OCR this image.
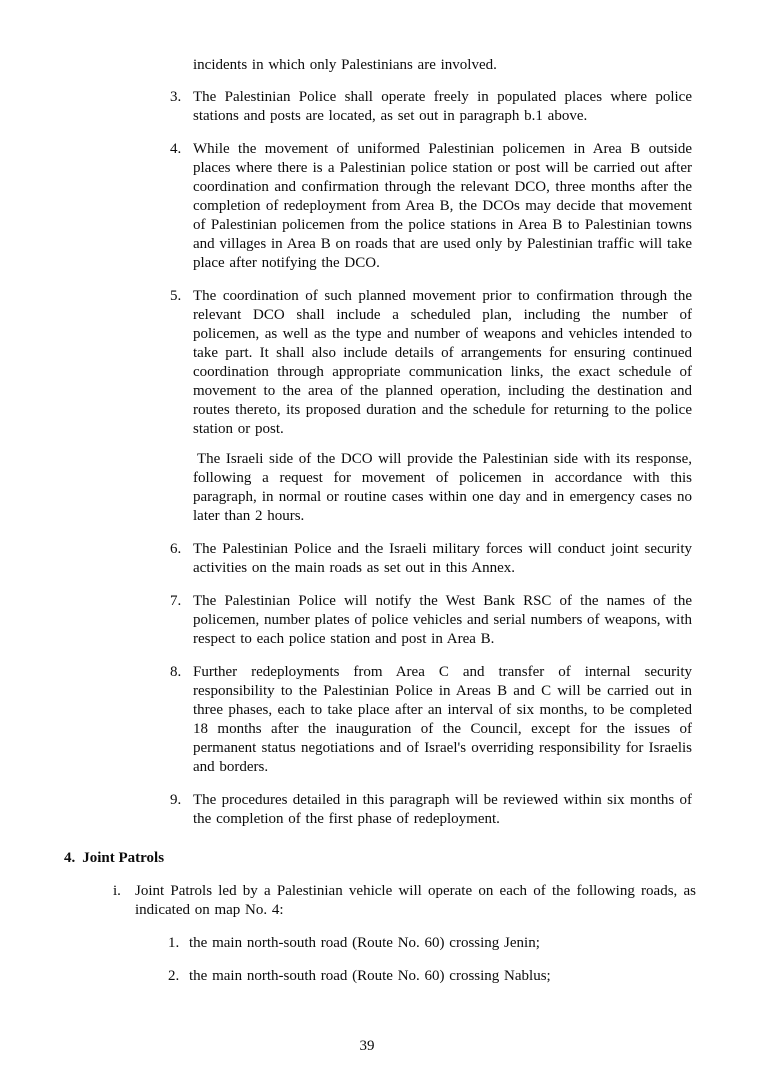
incidents in which only Palestinians are involved.

3. The Palestinian Police shall operate freely in populated places where police stations and posts are located, as set out in paragraph b.1 above.

4. While the movement of uniformed Palestinian policemen in Area B outside places where there is a Palestinian police station or post will be carried out after coordination and confirmation through the relevant DCO, three months after the completion of redeployment from Area B, the DCOs may decide that movement of Palestinian policemen from the police stations in Area B to Palestinian towns and villages in Area B on roads that are used only by Palestinian traffic will take place after notifying the DCO.

5. The coordination of such planned movement prior to confirmation through the relevant DCO shall include a scheduled plan, including the number of policemen, as well as the type and number of weapons and vehicles intended to take part. It shall also include details of arrangements for ensuring continued coordination through appropriate communication links, the exact schedule of movement to the area of the planned operation, including the destination and routes thereto, its proposed duration and the schedule for returning to the police station or post.

The Israeli side of the DCO will provide the Palestinian side with its response, following a request for movement of policemen in accordance with this paragraph, in normal or routine cases within one day and in emergency cases no later than 2 hours.

6. The Palestinian Police and the Israeli military forces will conduct joint security activities on the main roads as set out in this Annex.

7. The Palestinian Police will notify the West Bank RSC of the names of the policemen, number plates of police vehicles and serial numbers of weapons, with respect to each police station and post in Area B.

8. Further redeployments from Area C and transfer of internal security responsibility to the Palestinian Police in Areas B and C will be carried out in three phases, each to take place after an interval of six months, to be completed 18 months after the inauguration of the Council, except for the issues of permanent status negotiations and of Israel's overriding responsibility for Israelis and borders.

9. The procedures detailed in this paragraph will be reviewed within six months of the completion of the first phase of redeployment.

4. Joint Patrols
i. Joint Patrols led by a Palestinian vehicle will operate on each of the following roads, as indicated on map No. 4:

1. the main north-south road (Route No. 60) crossing Jenin;

2. the main north-south road (Route No. 60) crossing Nablus;

39
